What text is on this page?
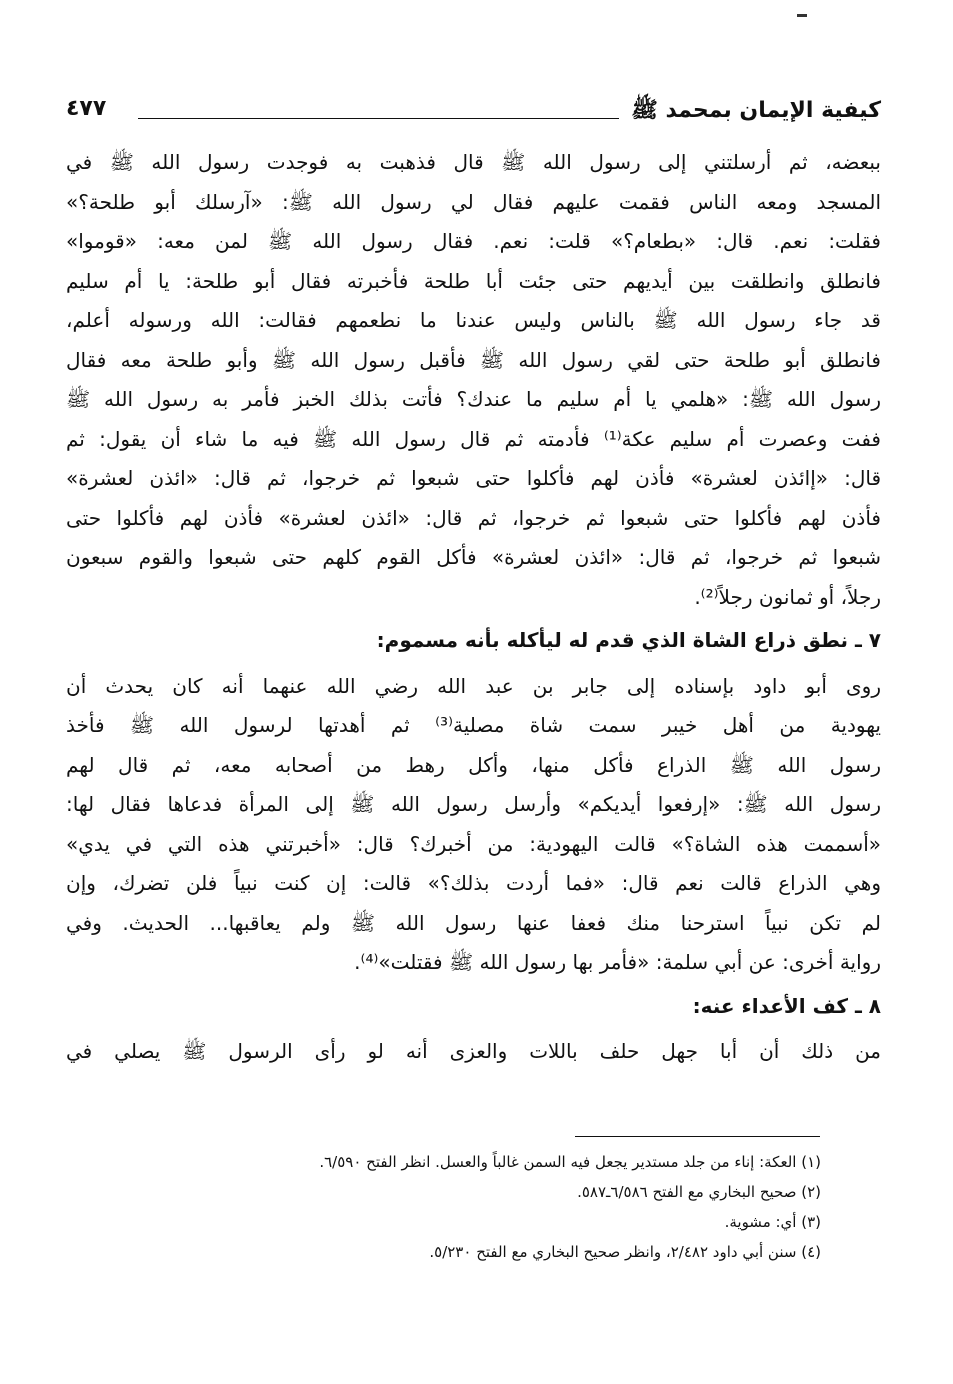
٤٧٧	كيفية الإيمان بمحمد ﷺ

ببعضه، ثم أرسلتني إلى رسول الله ﷺ قال فذهبت به فوجدت رسول الله ﷺ في
المسجد ومعه الناس فقمت عليهم فقال لي رسول الله ﷺ: «آرسلك أبو طلحة؟»
فقلت: نعم. قال: «بطعام؟» قلت: نعم. فقال رسول الله ﷺ لمن معه: «قوموا»
فانطلق وانطلقت بين أيديهم حتى جئت أبا طلحة فأخبرته فقال أبو طلحة: يا أم سليم
قد جاء رسول الله ﷺ بالناس وليس عندنا ما نطعمهم فقالت: الله ورسوله أعلم،
فانطلق أبو طلحة حتى لقي رسول الله ﷺ فأقبل رسول الله ﷺ وأبو طلحة معه فقال
رسول الله ﷺ: «هلمي يا أم سليم ما عندك؟ فأتت بذلك الخبز فأمر به رسول الله ﷺ
ففت وعصرت أم سليم عكة⁽¹⁾ فأدمته ثم قال رسول الله ﷺ فيه ما شاء أن يقول: ثم
قال: «إائذن لعشرة» فأذن لهم فأكلوا حتى شبعوا ثم خرجوا، ثم قال: «ائذن لعشرة»
فأذن لهم فأكلوا حتى شبعوا ثم خرجوا، ثم قال: «ائذن لعشرة» فأذن لهم فأكلوا حتى
شبعوا ثم خرجوا، ثم قال: «ائذن لعشرة» فأكل القوم كلهم حتى شبعوا والقوم سبعون
رجلاً، أو ثمانون رجلاً⁽²⁾.

٧ ـ نطق ذراع الشاة الذي قدم له ليأكله بأنه مسموم:

روى أبو داود بإسناده إلى جابر بن عبد الله رضي الله عنهما أنه كان يحدث أن
يهودية من أهل خيبر سمت شاة مصلية⁽³⁾ ثم أهدتها لرسول الله ﷺ فأخذ
رسول الله ﷺ الذراع فأكل منها، وأكل رهط من أصحابه معه، ثم قال لهم
رسول الله ﷺ: «إرفعوا أيديكم» وأرسل رسول الله ﷺ إلى المرأة فدعاها فقال لها:
«أسممت هذه الشاة؟» قالت اليهودية: من أخبرك؟ قال: «أخبرتني هذه التي في يدي»
وهي الذراع قالت نعم قال: «فما أردت بذلك؟» قالت: إن كنت نبياً فلن تضرك، وإن
لم تكن نبياً استرحنا منك فعفا عنها رسول الله ﷺ ولم يعاقبها... الحديث. وفي
رواية أخرى: عن أبي سلمة: «فأمر بها رسول الله ﷺ فقتلت»⁽⁴⁾.

٨ ـ كف الأعداء عنه:

من ذلك أن أبا جهل حلف باللات والعزى أنه لو رأى الرسول ﷺ يصلي في

(١) العكة: إناء من جلد مستدير يجعل فيه السمن غالباً والعسل. انظر الفتح ٦/٥٩٠.
(٢) صحيح البخاري مع الفتح ٦/٥٨٦ـ٥٨٧.
(٣) أي: مشوية.
(٤) سنن أبي داود ٢/٤٨٢، وانظر صحيح البخاري مع الفتح ٥/٢٣٠.
